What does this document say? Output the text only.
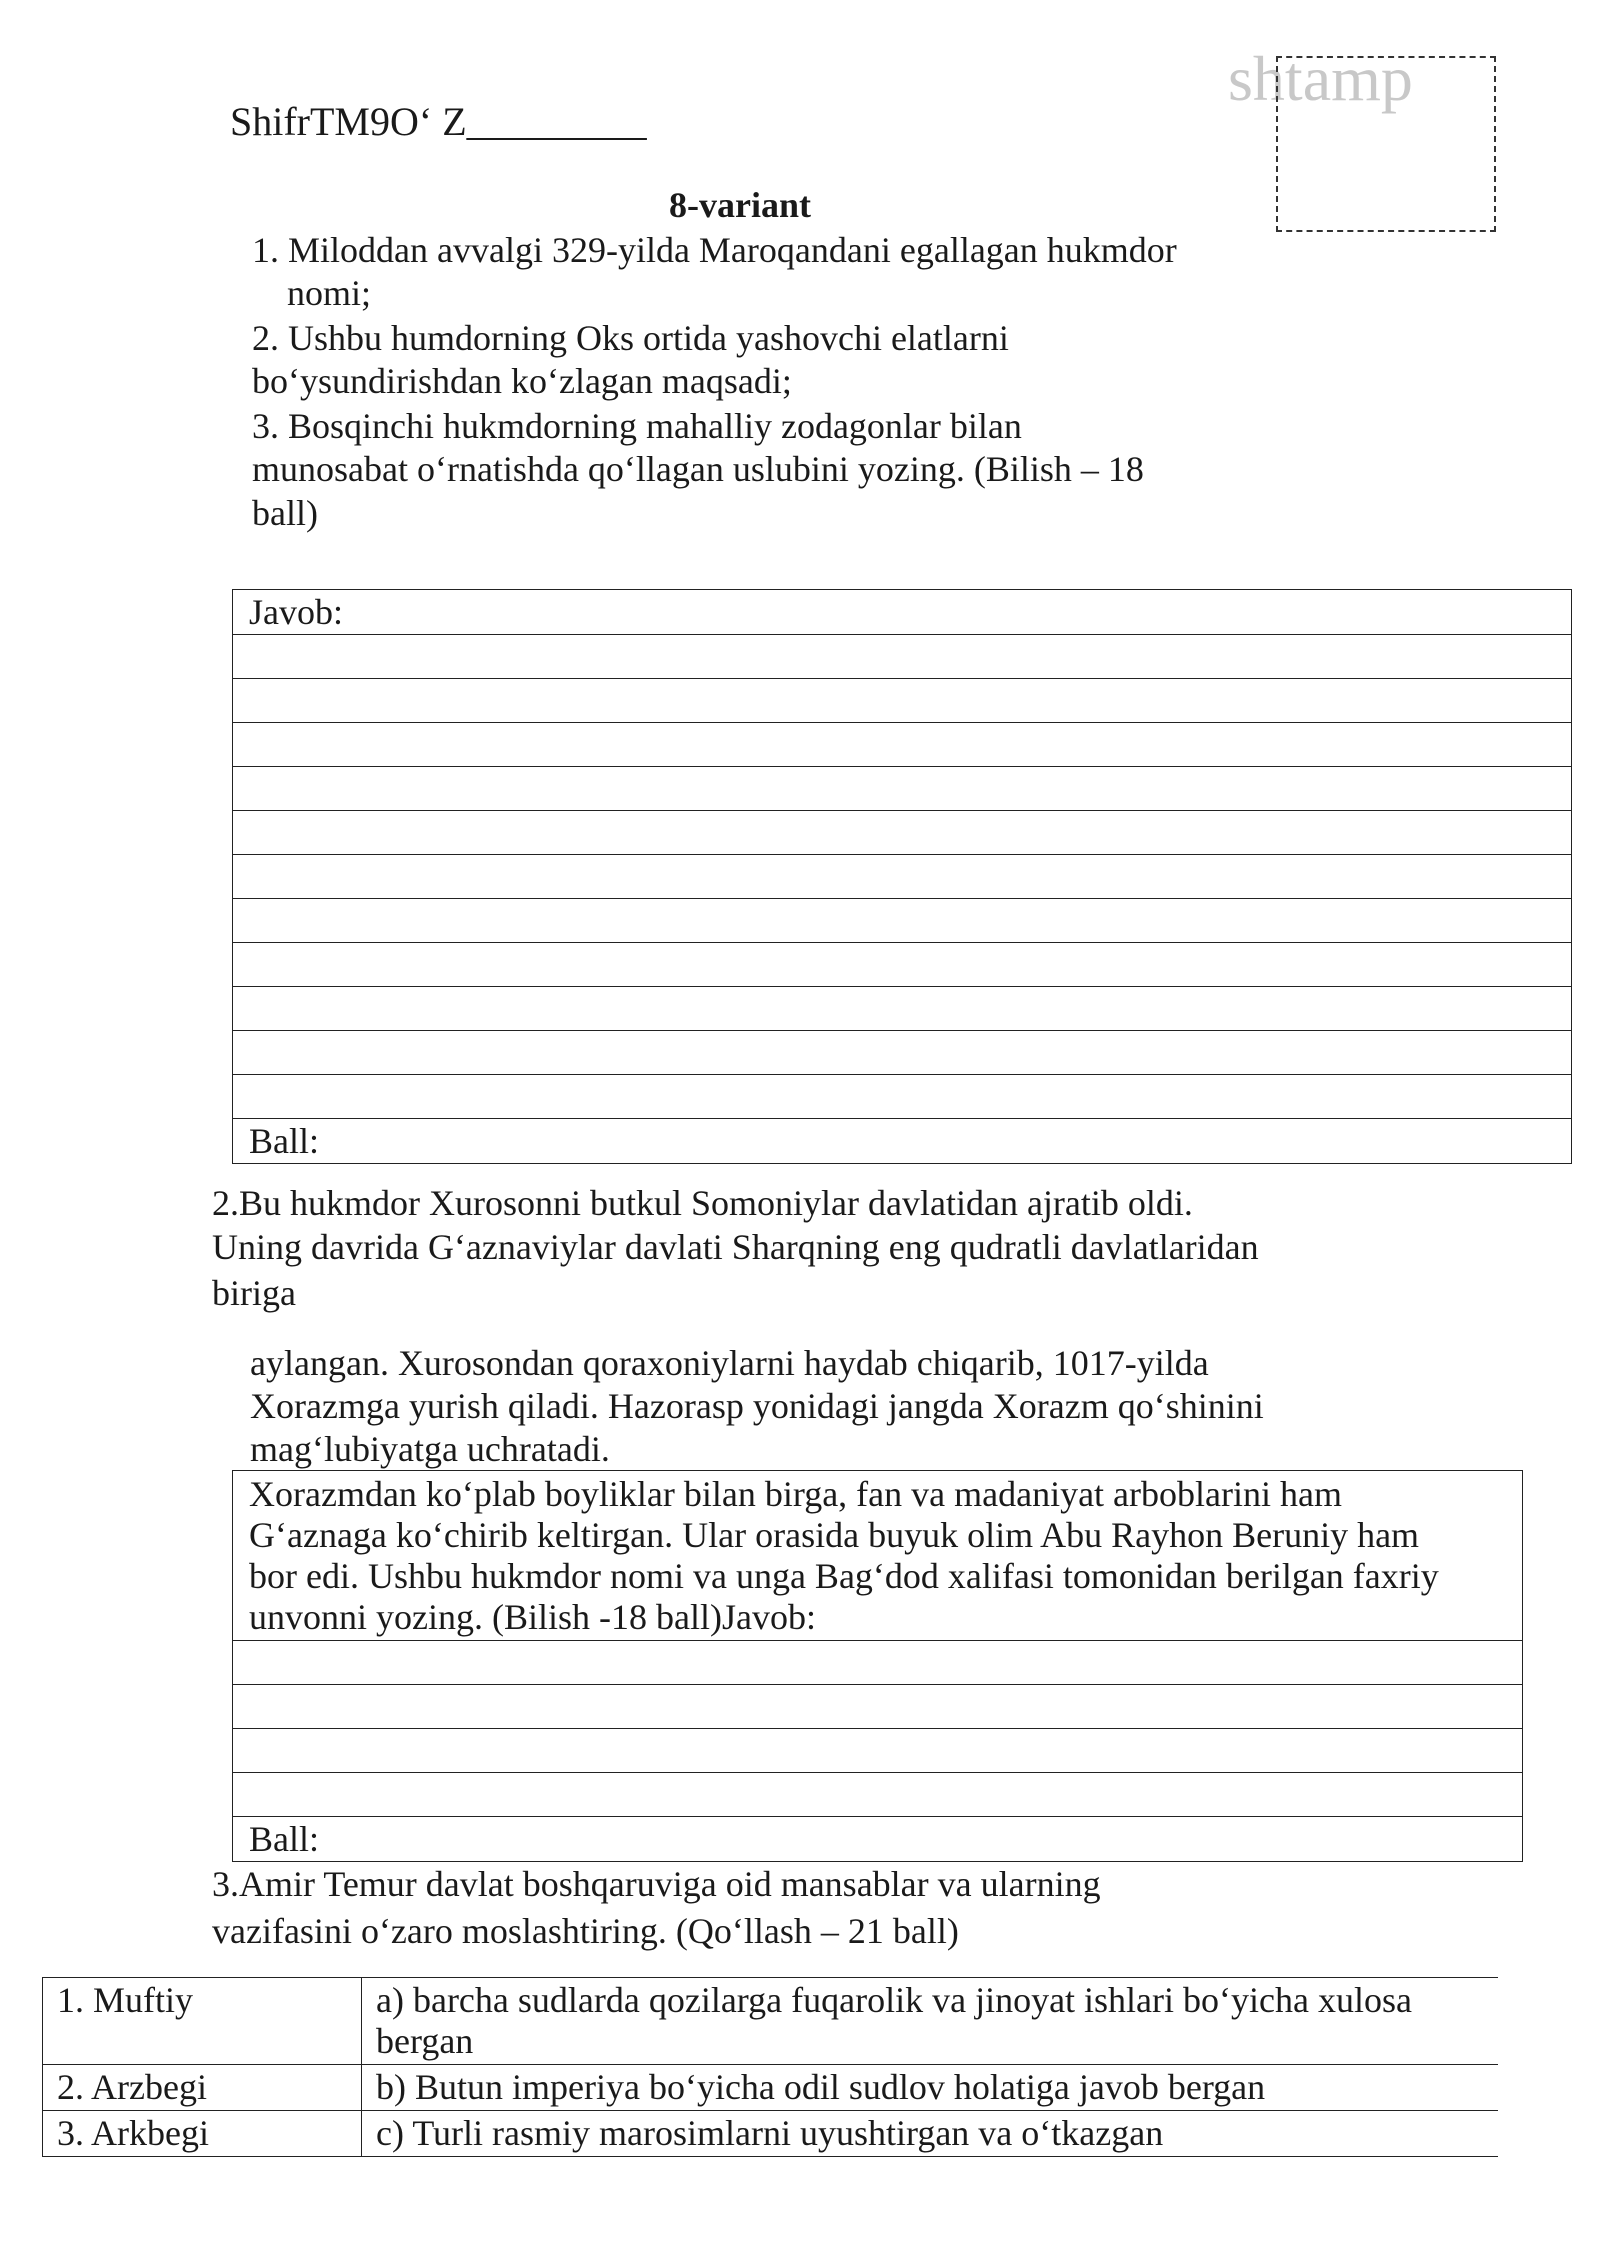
ShifrTM9Oʻ Z_________
shtamp
8-variant
1. Miloddan avvalgi 329-yilda Maroqandani egallagan hukmdor
nomi;
2. Ushbu humdorning Oks ortida yashovchi elatlarni
boʻysundirishdan koʻzlagan maqsadi;
3. Bosqinchi hukmdorning mahalliy zodagonlar bilan
munosabat oʻrnatishda qoʻllagan uslubini yozing. (Bilish – 18
ball)
Javob:

Ball:
2.Bu hukmdor Xurosonni butkul Somoniylar davlatidan ajratib oldi.
Uning davrida Gʻaznaviylar davlati Sharqning eng qudratli davlatlaridan
biriga
aylangan. Xurosondan qoraxoniylarni haydab chiqarib, 1017-yilda
Xorazmga yurish qiladi. Hazorasp yonidagi jangda Xorazm qoʻshinini
magʻlubiyatga uchratadi.
Xorazmdan koʻplab boyliklar bilan birga, fan va madaniyat arboblarini ham
Gʻaznaga koʻchirib keltirgan. Ular orasida buyuk olim Abu Rayhon Beruniy ham
bor edi. Ushbu hukmdor nomi va unga Bagʻdod xalifasi tomonidan berilgan faxriy
unvonni yozing. (Bilish -18 ball)Javob:

Ball:
3.Amir Temur davlat boshqaruviga oid mansablar va ularning
vazifasini oʻzaro moslashtiring. (Qoʻllash – 21 ball)
1. Muftiy	a) barcha sudlarda qozilarga fuqarolik va jinoyat ishlari boʻyicha xulosa
bergan

2. Arzbegi	b) Butun imperiya boʻyicha odil sudlov holatiga javob bergan

3. Arkbegi	c) Turli rasmiy marosimlarni uyushtirgan va oʻtkazgan
